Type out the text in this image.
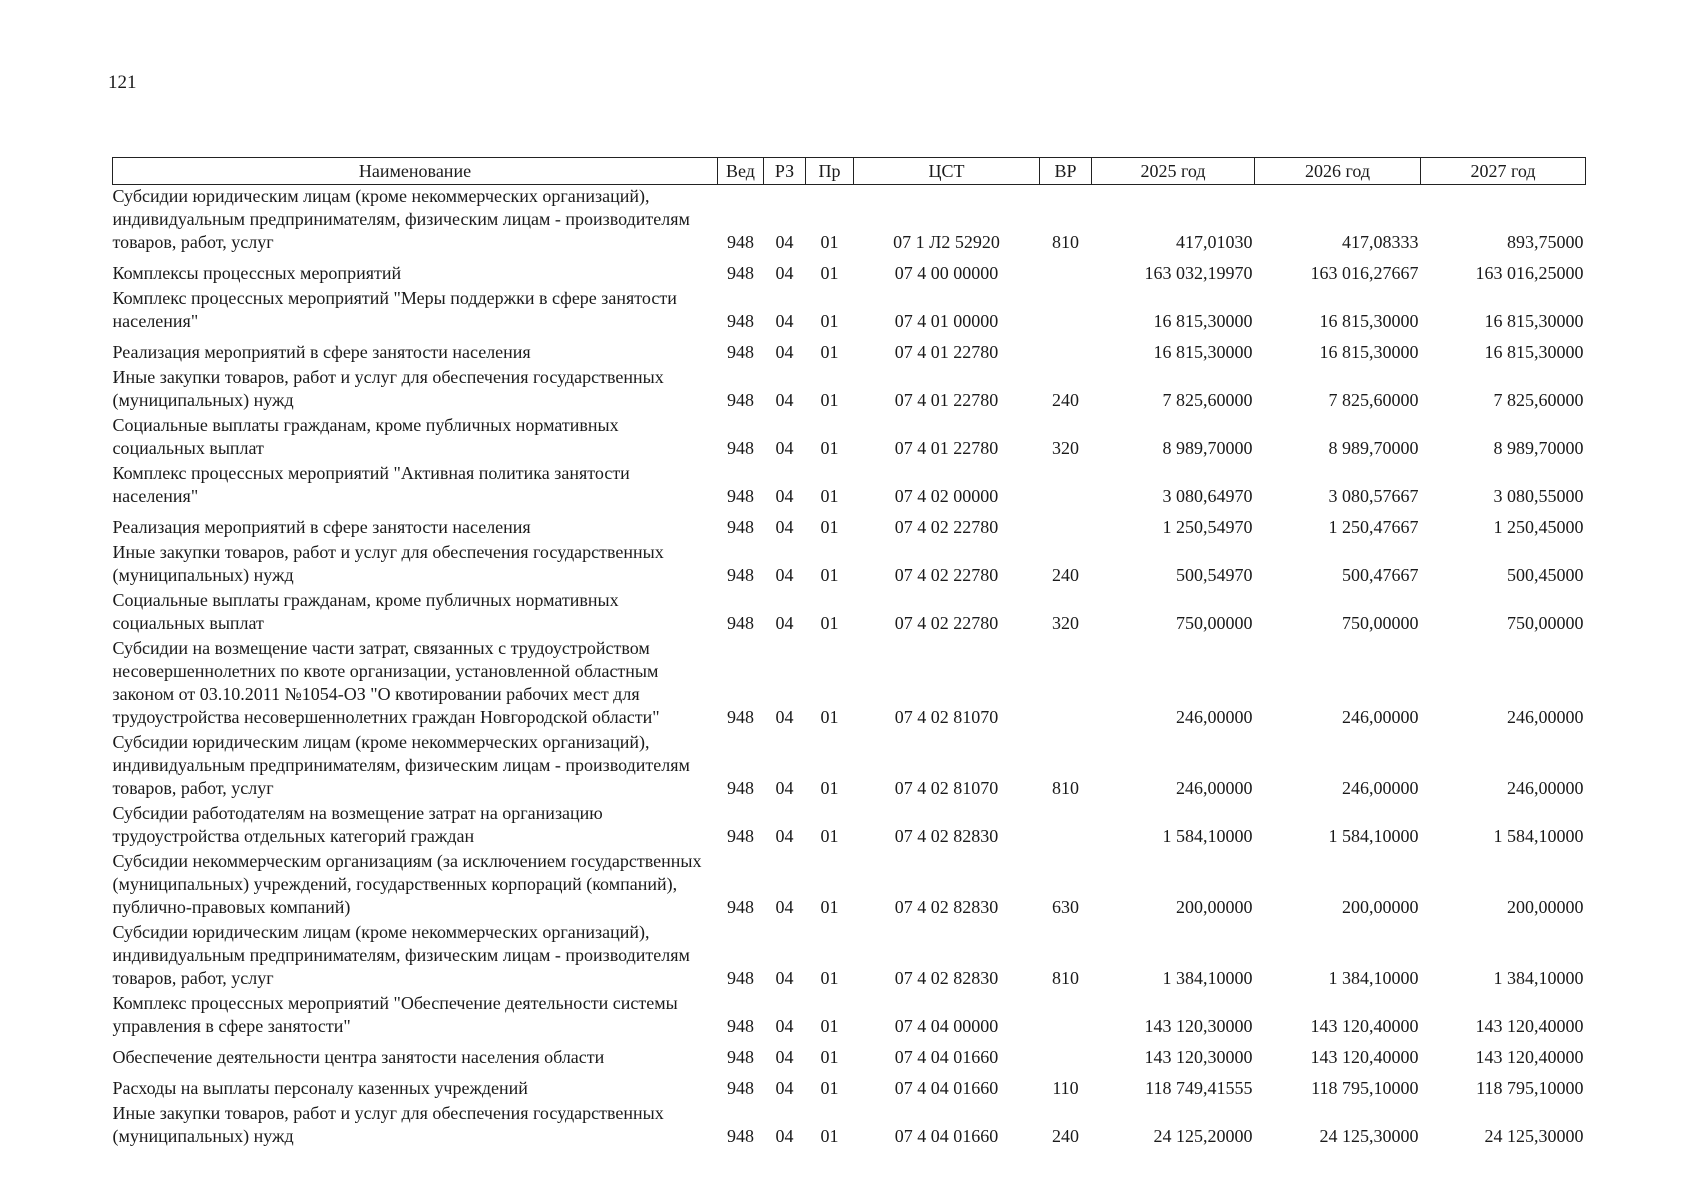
121
Наименование	Вед	РЗ	Пр	ЦСТ	ВР	2025 год	2026 год	2027 год
Субсидии юридическим лицам (кроме некоммерческих организаций), индивидуальным предпринимателям, физическим лицам - производителям товаров, работ, услуг	948	04	01	07 1 Л2 52920	810	417,01030	417,08333	893,75000
Комплексы процессных мероприятий	948	04	01	07 4 00 00000		163 032,19970	163 016,27667	163 016,25000
Комплекс процессных мероприятий "Меры поддержки в сфере занятости населения"	948	04	01	07 4 01 00000		16 815,30000	16 815,30000	16 815,30000
Реализация мероприятий в сфере занятости населения	948	04	01	07 4 01 22780		16 815,30000	16 815,30000	16 815,30000
Иные закупки товаров, работ и услуг для обеспечения государственных (муниципальных) нужд	948	04	01	07 4 01 22780	240	7 825,60000	7 825,60000	7 825,60000
Социальные выплаты гражданам, кроме публичных нормативных социальных выплат	948	04	01	07 4 01 22780	320	8 989,70000	8 989,70000	8 989,70000
Комплекс процессных мероприятий "Активная политика занятости населения"	948	04	01	07 4 02 00000		3 080,64970	3 080,57667	3 080,55000
Реализация мероприятий в сфере занятости населения	948	04	01	07 4 02 22780		1 250,54970	1 250,47667	1 250,45000
Иные закупки товаров, работ и услуг для обеспечения государственных (муниципальных) нужд	948	04	01	07 4 02 22780	240	500,54970	500,47667	500,45000
Социальные выплаты гражданам, кроме публичных нормативных социальных выплат	948	04	01	07 4 02 22780	320	750,00000	750,00000	750,00000
Субсидии на возмещение части затрат, связанных с трудоустройством несовершеннолетних по квоте организации, установленной областным законом от 03.10.2011 №1054-ОЗ "О квотировании рабочих мест для трудоустройства несовершеннолетних граждан Новгородской области"	948	04	01	07 4 02 81070		246,00000	246,00000	246,00000
Субсидии юридическим лицам (кроме некоммерческих организаций), индивидуальным предпринимателям, физическим лицам - производителям товаров, работ, услуг	948	04	01	07 4 02 81070	810	246,00000	246,00000	246,00000
Субсидии работодателям на возмещение затрат на организацию трудоустройства отдельных категорий граждан	948	04	01	07 4 02 82830		1 584,10000	1 584,10000	1 584,10000
Субсидии некоммерческим организациям (за исключением государственных (муниципальных) учреждений, государственных корпораций (компаний), публично-правовых компаний)	948	04	01	07 4 02 82830	630	200,00000	200,00000	200,00000
Субсидии юридическим лицам (кроме некоммерческих организаций), индивидуальным предпринимателям, физическим лицам - производителям товаров, работ, услуг	948	04	01	07 4 02 82830	810	1 384,10000	1 384,10000	1 384,10000
Комплекс процессных мероприятий "Обеспечение деятельности системы управления в сфере занятости"	948	04	01	07 4 04 00000		143 120,30000	143 120,40000	143 120,40000
Обеспечение деятельности центра занятости населения области	948	04	01	07 4 04 01660		143 120,30000	143 120,40000	143 120,40000
Расходы на выплаты персоналу казенных учреждений	948	04	01	07 4 04 01660	110	118 749,41555	118 795,10000	118 795,10000
Иные закупки товаров, работ и услуг для обеспечения государственных (муниципальных) нужд	948	04	01	07 4 04 01660	240	24 125,20000	24 125,30000	24 125,30000
